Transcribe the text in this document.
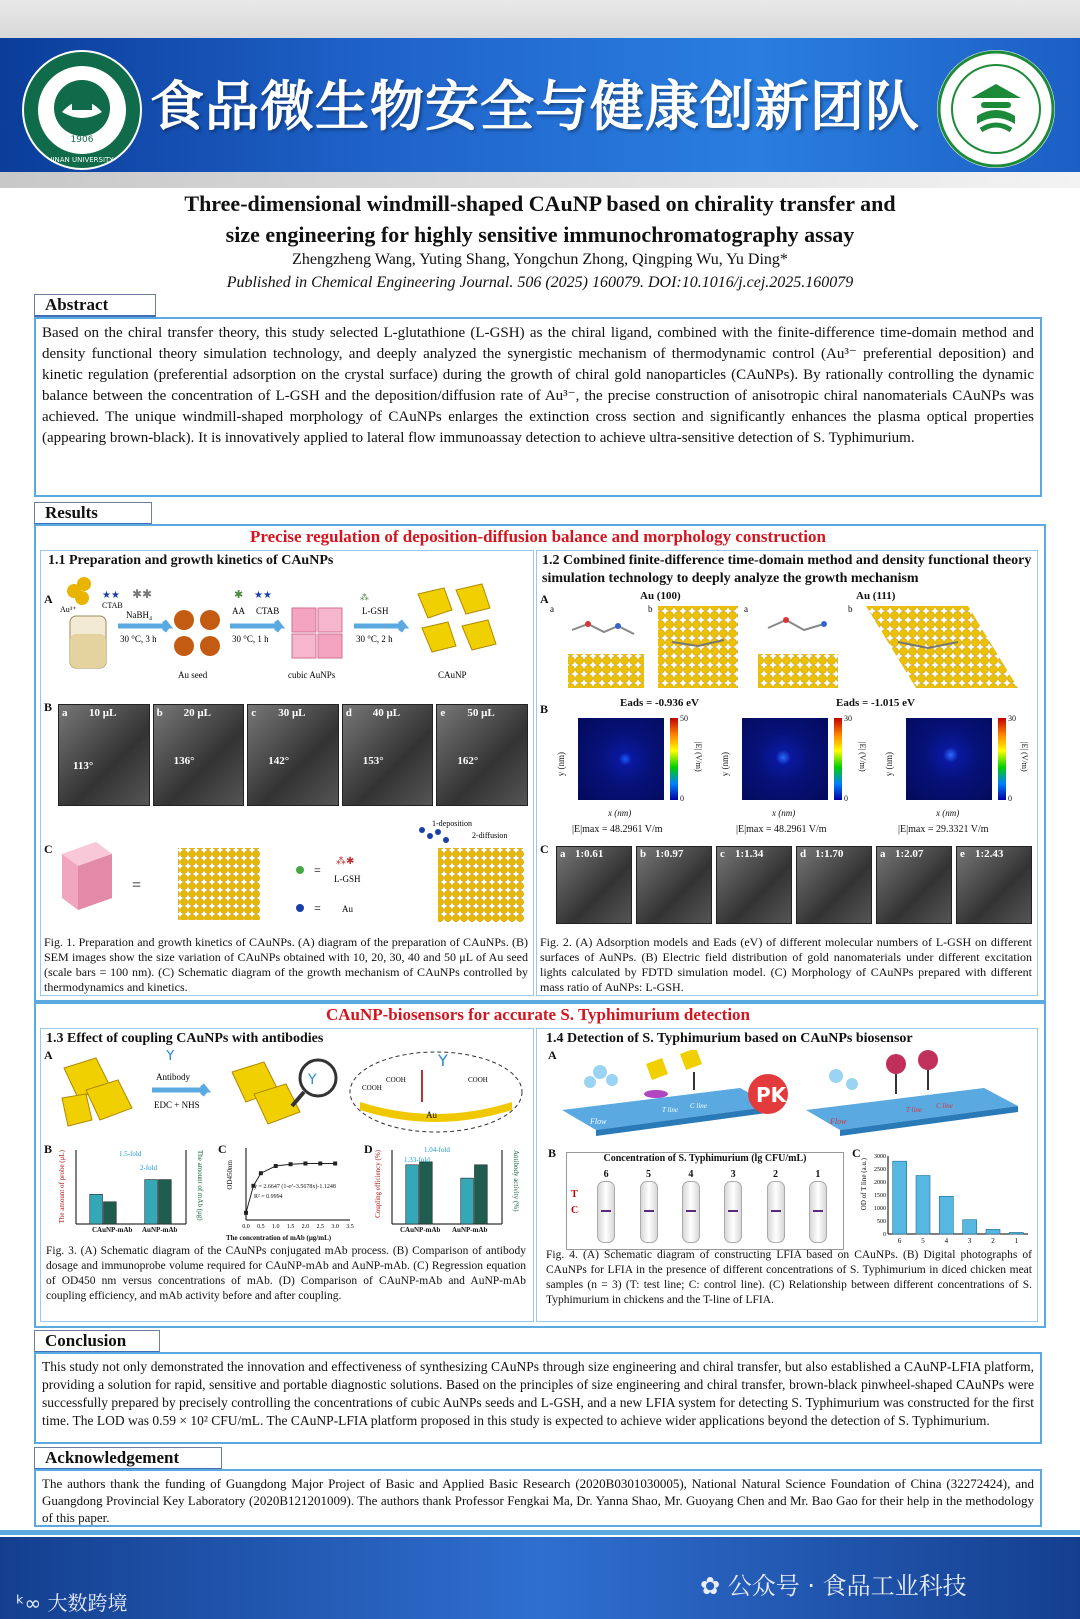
1906
JINAN UNIVERSITY
食品微生物安全与健康创新团队
Three-dimensional windmill-shaped CAuNP based on chirality transfer and
size engineering for highly sensitive immunochromatography assay
Zhengzheng Wang, Yuting Shang, Yongchun Zhong, Qingping Wu, Yu Ding*
Published in Chemical Engineering Journal. 506 (2025) 160079. DOI:10.1016/j.cej.2025.160079
Abstract
Based on the chiral transfer theory, this study selected L-glutathione (L-GSH) as the chiral ligand, combined with the finite-difference time-domain method and density functional theory simulation technology, and deeply analyzed the synergistic mechanism of thermodynamic control (Au³⁻ preferential deposition) and kinetic regulation (preferential adsorption on the crystal surface) during the growth of chiral gold nanoparticles (CAuNPs). By rationally controlling the dynamic balance between the concentration of L-GSH and the deposition/diffusion rate of Au³⁻, the precise construction of anisotropic chiral nanomaterials CAuNPs was achieved. The unique windmill-shaped morphology of CAuNPs enlarges the extinction cross section and significantly enhances the plasma optical properties (appearing brown-black). It is innovatively applied to lateral flow immunoassay detection to achieve ultra-sensitive detection of S. Typhimurium.
Results
Precise regulation of deposition-diffusion balance and morphology construction
1.1 Preparation and growth kinetics of CAuNPs
A
Au³⁺
★★
CTAB
✱✱
NaBH₄
30 °C, 3 h
Au seed
✱ ★★
AA CTAB
30 °C, 1 h
cubic AuNPs
⁂
L-GSH
30 °C, 2 h
CAuNP
B a 10 μL
113°
b 20 μL
136°
c 30 μL
142°
d 40 μL
153°
e 50 μL
162°
C
=
=
⁂✱
L-GSH
= Au
1-deposition
2-diffusion
Fig. 1. Preparation and growth kinetics of CAuNPs. (A) diagram of the preparation of CAuNPs. (B) SEM images show the size variation of CAuNPs obtained with 10, 20, 30, 40 and 50 μL of Au seed (scale bars = 100 nm). (C) Schematic diagram of the growth mechanism of CAuNPs controlled by thermodynamics and kinetics.
1.2 Combined finite-difference time-domain method and density functional theory simulation technology to deeply analyze the growth mechanism
A	Au (100)	Au (111)
a	b	a	b
Eads = -0.936 eV	Eads = -1.015 eV
B
y (nm)
50
0
|E| (V/m)
x (nm)
|E|max = 48.2961 V/m
y (nm)
30
0
|E| (V/m)
x (nm)
|E|max = 48.2961 V/m
y (nm)
30
0
|E| (V/m)
x (nm)
|E|max = 29.3321 V/m
C a 1:0.61	b 1:0.97	c 1:1.34	d 1:1.70	a 1:2.07	e 1:2.43
Fig. 2. (A) Adsorption models and Eads (eV) of different molecular numbers of L-GSH on different surfaces of AuNPs. (B) Electric field distribution of gold nanomaterials under different excitation lights calculated by FDTD simulation model. (C) Morphology of CAuNPs prepared with different mass ratio of AuNPs: L-GSH.
CAuNP-biosensors for accurate S. Typhimurium detection
1.3 Effect of coupling CAuNPs with antibodies
A	Y
Antibody
EDC + NHS
Y
Au
COOH
COOH	COOH
Y
B
CAuNP-mAb AuNP-mAb
1.5-fold
2-fold
The amount of probe (μL)	The amount of mAb (μg)
C
0.0 0.5 1.0 1.5 2.0 2.5 3.0 3.5
y = 2.6647 (1-e^-3.5678x)-1.1248
R² = 0.9994
The concentration of mAb (μg/mL)
OD450nm
D
CAuNP-mAb AuNP-mAb
1.04-fold
1.33-fold
Coupling efficiency (%)	Antibody activity (%)
Fig. 3. (A) Schematic diagram of the CAuNPs conjugated mAb process. (B) Comparison of antibody dosage and immunoprobe volume required for CAuNP-mAb and AuNP-mAb. (C) Regression equation of OD450 nm versus concentrations of mAb. (D) Comparison of CAuNP-mAb and AuNP-mAb coupling efficiency, and mAb activity before and after coupling.
1.4 Detection of S. Typhimurium based on CAuNPs biosensor
A
Flow
T line C line PK
Flow
T line C line
B	Concentration of S. Typhimurium (lg CFU/mL)
T
C
6	5	4	3	2	1
C
6	5	4	3	2	1
3000
2500
2000
1500
1000
500
0
OD of T line (a.u.)
Fig. 4. (A) Schematic diagram of constructing LFIA based on CAuNPs. (B) Digital photographs of CAuNPs for LFIA in the presence of different concentrations of S. Typhimurium in diced chicken meat samples (n = 3) (T: test line; C: control line). (C) Relationship between different concentrations of S. Typhimurium in chickens and the T-line of LFIA.
Conclusion
This study not only demonstrated the innovation and effectiveness of synthesizing CAuNPs through size engineering and chiral transfer, but also established a CAuNP-LFIA platform, providing a solution for rapid, sensitive and portable diagnostic solutions. Based on the principles of size engineering and chiral transfer, brown-black pinwheel-shaped CAuNPs were successfully prepared by precisely controlling the concentrations of cubic AuNPs seeds and L-GSH, and a new LFIA system for detecting S. Typhimurium was constructed for the first time. The LOD was 0.59 × 10² CFU/mL. The CAuNP-LFIA platform proposed in this study is expected to achieve wider applications beyond the detection of S. Typhimurium.
Acknowledgement
The authors thank the funding of Guangdong Major Project of Basic and Applied Basic Research (2020B0301030005), National Natural Science Foundation of China (32272424), and Guangdong Provincial Key Laboratory (2020B121201009). The authors thank Professor Fengkai Ma, Dr. Yanna Shao, Mr. Guoyang Chen and Mr. Bao Gao for their help in the methodology of this paper.
ᵏ∞ 大数跨境
✿ 公众号 · 食品工业科技
